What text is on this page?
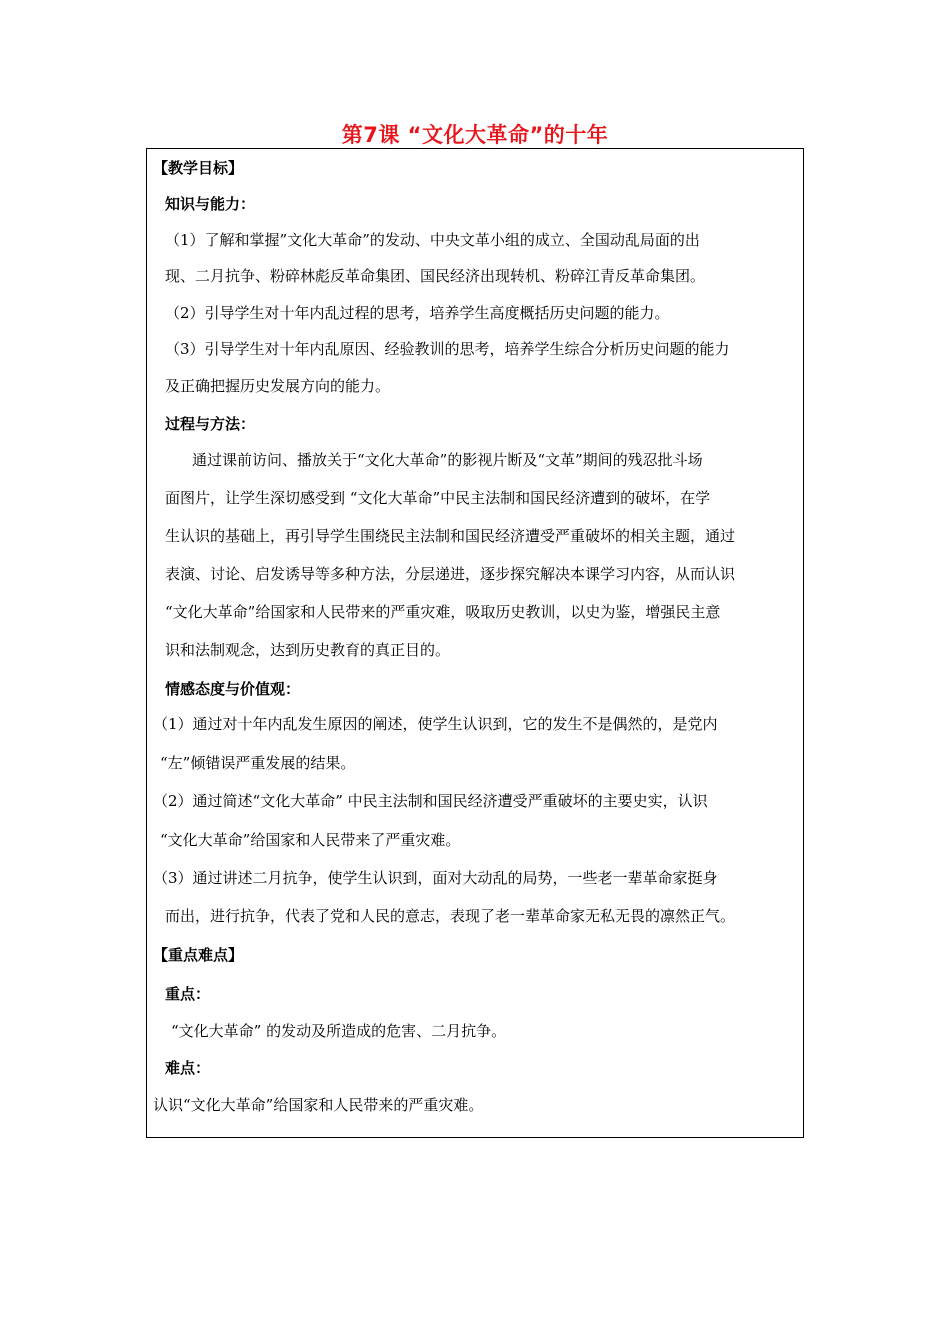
第7课 “文化大革命”的十年
【教学目标】
知识与能力：
（1）了解和掌握”文化大革命”的发动、中央文革小组的成立、全国动乱局面的出
现、二月抗争、粉碎林彪反革命集团、国民经济出现转机、粉碎江青反革命集团。
（2）引导学生对十年内乱过程的思考，培养学生高度概括历史问题的能力。
（3）引导学生对十年内乱原因、经验教训的思考，培养学生综合分析历史问题的能力
及正确把握历史发展方向的能力。
过程与方法：
通过课前访问、播放关于“文化大革命”的影视片断及“文革”期间的残忍批斗场
面图片，让学生深切感受到 “文化大革命”中民主法制和国民经济遭到的破坏，在学
生认识的基础上，再引导学生围绕民主法制和国民经济遭受严重破坏的相关主题，通过
表演、讨论、启发诱导等多种方法，分层递进，逐步探究解决本课学习内容，从而认识
“文化大革命”给国家和人民带来的严重灾难，吸取历史教训，以史为鉴，增强民主意
识和法制观念，达到历史教育的真正目的。
情感态度与价值观：
（1）通过对十年内乱发生原因的阐述，使学生认识到，它的发生不是偶然的，是党内
“左”倾错误严重发展的结果。
（2）通过简述“文化大革命” 中民主法制和国民经济遭受严重破坏的主要史实，认识
“文化大革命”给国家和人民带来了严重灾难。
（3）通过讲述二月抗争，使学生认识到，面对大动乱的局势，一些老一辈革命家挺身
而出，进行抗争，代表了党和人民的意志，表现了老一辈革命家无私无畏的凛然正气。
【重点难点】
重点：
“文化大革命” 的发动及所造成的危害、二月抗争。
难点：
认识“文化大革命”给国家和人民带来的严重灾难。
